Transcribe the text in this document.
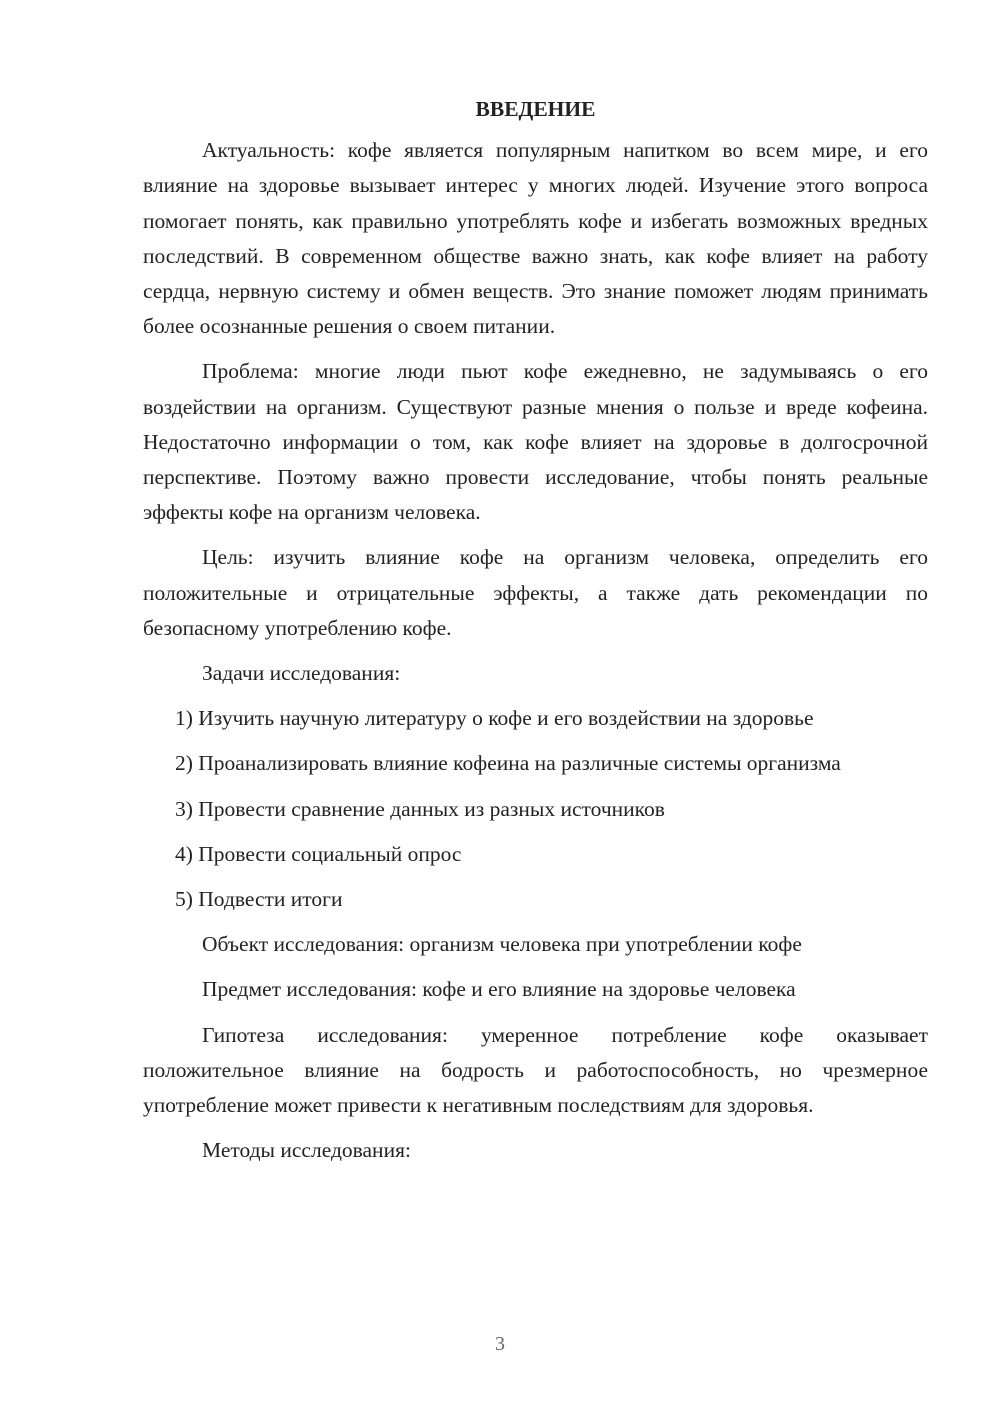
ВВЕДЕНИЕ

Актуальность: кофе является популярным напитком во всем мире, и его влияние на здоровье вызывает интерес у многих людей. Изучение этого вопроса помогает понять, как правильно употреблять кофе и избегать возможных вредных последствий. В современном обществе важно знать, как кофе влияет на работу сердца, нервную систему и обмен веществ. Это знание поможет людям принимать более осознанные решения о своем питании.

Проблема: многие люди пьют кофе ежедневно, не задумываясь о его воздействии на организм. Существуют разные мнения о пользе и вреде кофеина. Недостаточно информации о том, как кофе влияет на здоровье в долгосрочной перспективе. Поэтому важно провести исследование, чтобы понять реальные эффекты кофе на организм человека.

Цель: изучить влияние кофе на организм человека, определить его положительные и отрицательные эффекты, а также дать рекомендации по безопасному употреблению кофе.

Задачи исследования:

1) Изучить научную литературу о кофе и его воздействии на здоровье

2) Проанализировать влияние кофеина на различные системы организма

3) Провести сравнение данных из разных источников

4) Провести социальный опрос

5) Подвести итоги

Объект исследования: организм человека при употреблении кофе

Предмет исследования: кофе и его влияние на здоровье человека

Гипотеза исследования: умеренное потребление кофе оказывает положительное влияние на бодрость и работоспособность, но чрезмерное употребление может привести к негативным последствиям для здоровья.

Методы исследования:

3
